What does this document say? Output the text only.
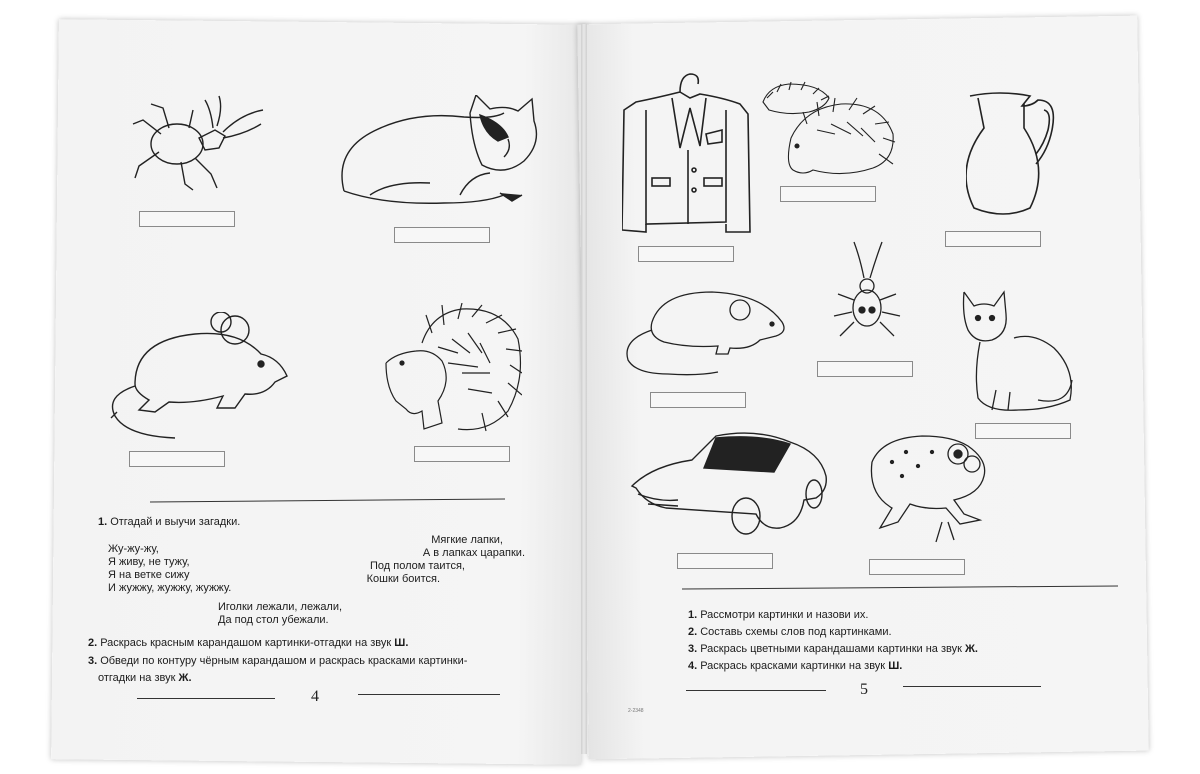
1. Отгадай и выучи загадки.
Жу-жу-жу,
Я живу, не тужу,
Я на ветке сижу
И жужжу, жужжу, жужжу.
Мягкие лапки,
А в лапках царапки.
Под полом таится,
Кошки боится.
Иголки лежали, лежали,
Да под стол убежали.
2. Раскрась красным карандашом картинки-отгадки на звук Ш.
3. Обведи по контуру чёрным карандашом и раскрась красками картинки-
отгадки на звук Ж.
4
1. Рассмотри картинки и назови их.
2. Составь схемы слов под картинками.
3. Раскрась цветными карандашами картинки на звук Ж.
4. Раскрась красками картинки на звук Ш.
5
2-2348
